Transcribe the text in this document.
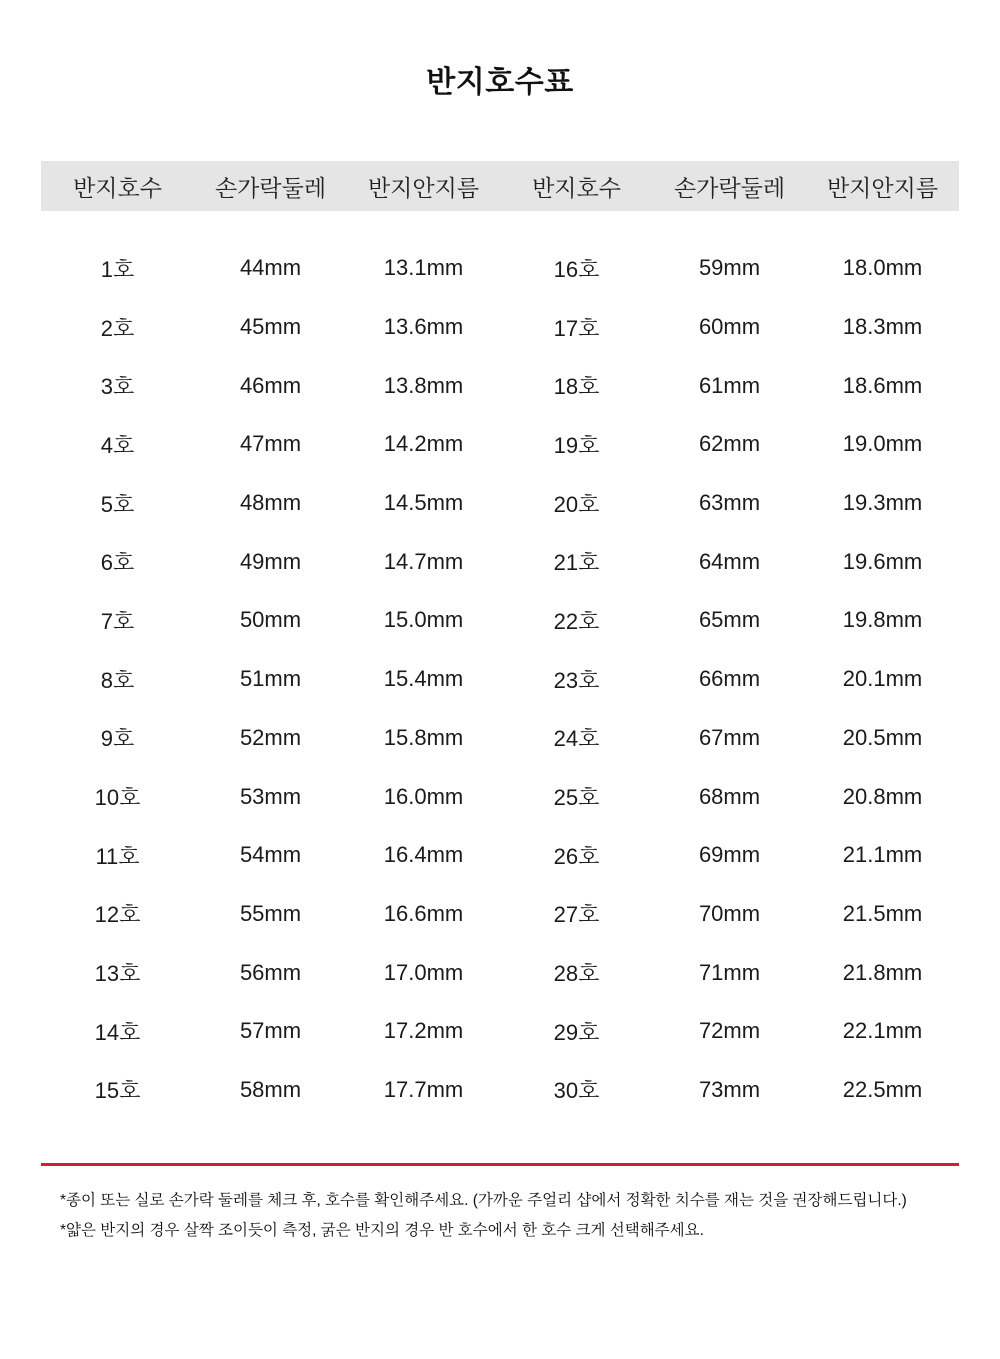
반지호수표
반지호수	손가락둘레	반지안지름	반지호수	손가락둘레	반지안지름
1호	44mm	13.1mm	16호	59mm	18.0mm
2호	45mm	13.6mm	17호	60mm	18.3mm
3호	46mm	13.8mm	18호	61mm	18.6mm
4호	47mm	14.2mm	19호	62mm	19.0mm
5호	48mm	14.5mm	20호	63mm	19.3mm
6호	49mm	14.7mm	21호	64mm	19.6mm
7호	50mm	15.0mm	22호	65mm	19.8mm
8호	51mm	15.4mm	23호	66mm	20.1mm
9호	52mm	15.8mm	24호	67mm	20.5mm
10호	53mm	16.0mm	25호	68mm	20.8mm
11호	54mm	16.4mm	26호	69mm	21.1mm
12호	55mm	16.6mm	27호	70mm	21.5mm
13호	56mm	17.0mm	28호	71mm	21.8mm
14호	57mm	17.2mm	29호	72mm	22.1mm
15호	58mm	17.7mm	30호	73mm	22.5mm

*종이 또는 실로 손가락 둘레를 체크 후, 호수를 확인해주세요. (가까운 주얼리 샵에서 정확한 치수를 재는 것을 권장해드립니다.)

*얇은 반지의 경우 살짝 조이듯이 측정, 굵은 반지의 경우 반 호수에서 한 호수 크게 선택해주세요.
